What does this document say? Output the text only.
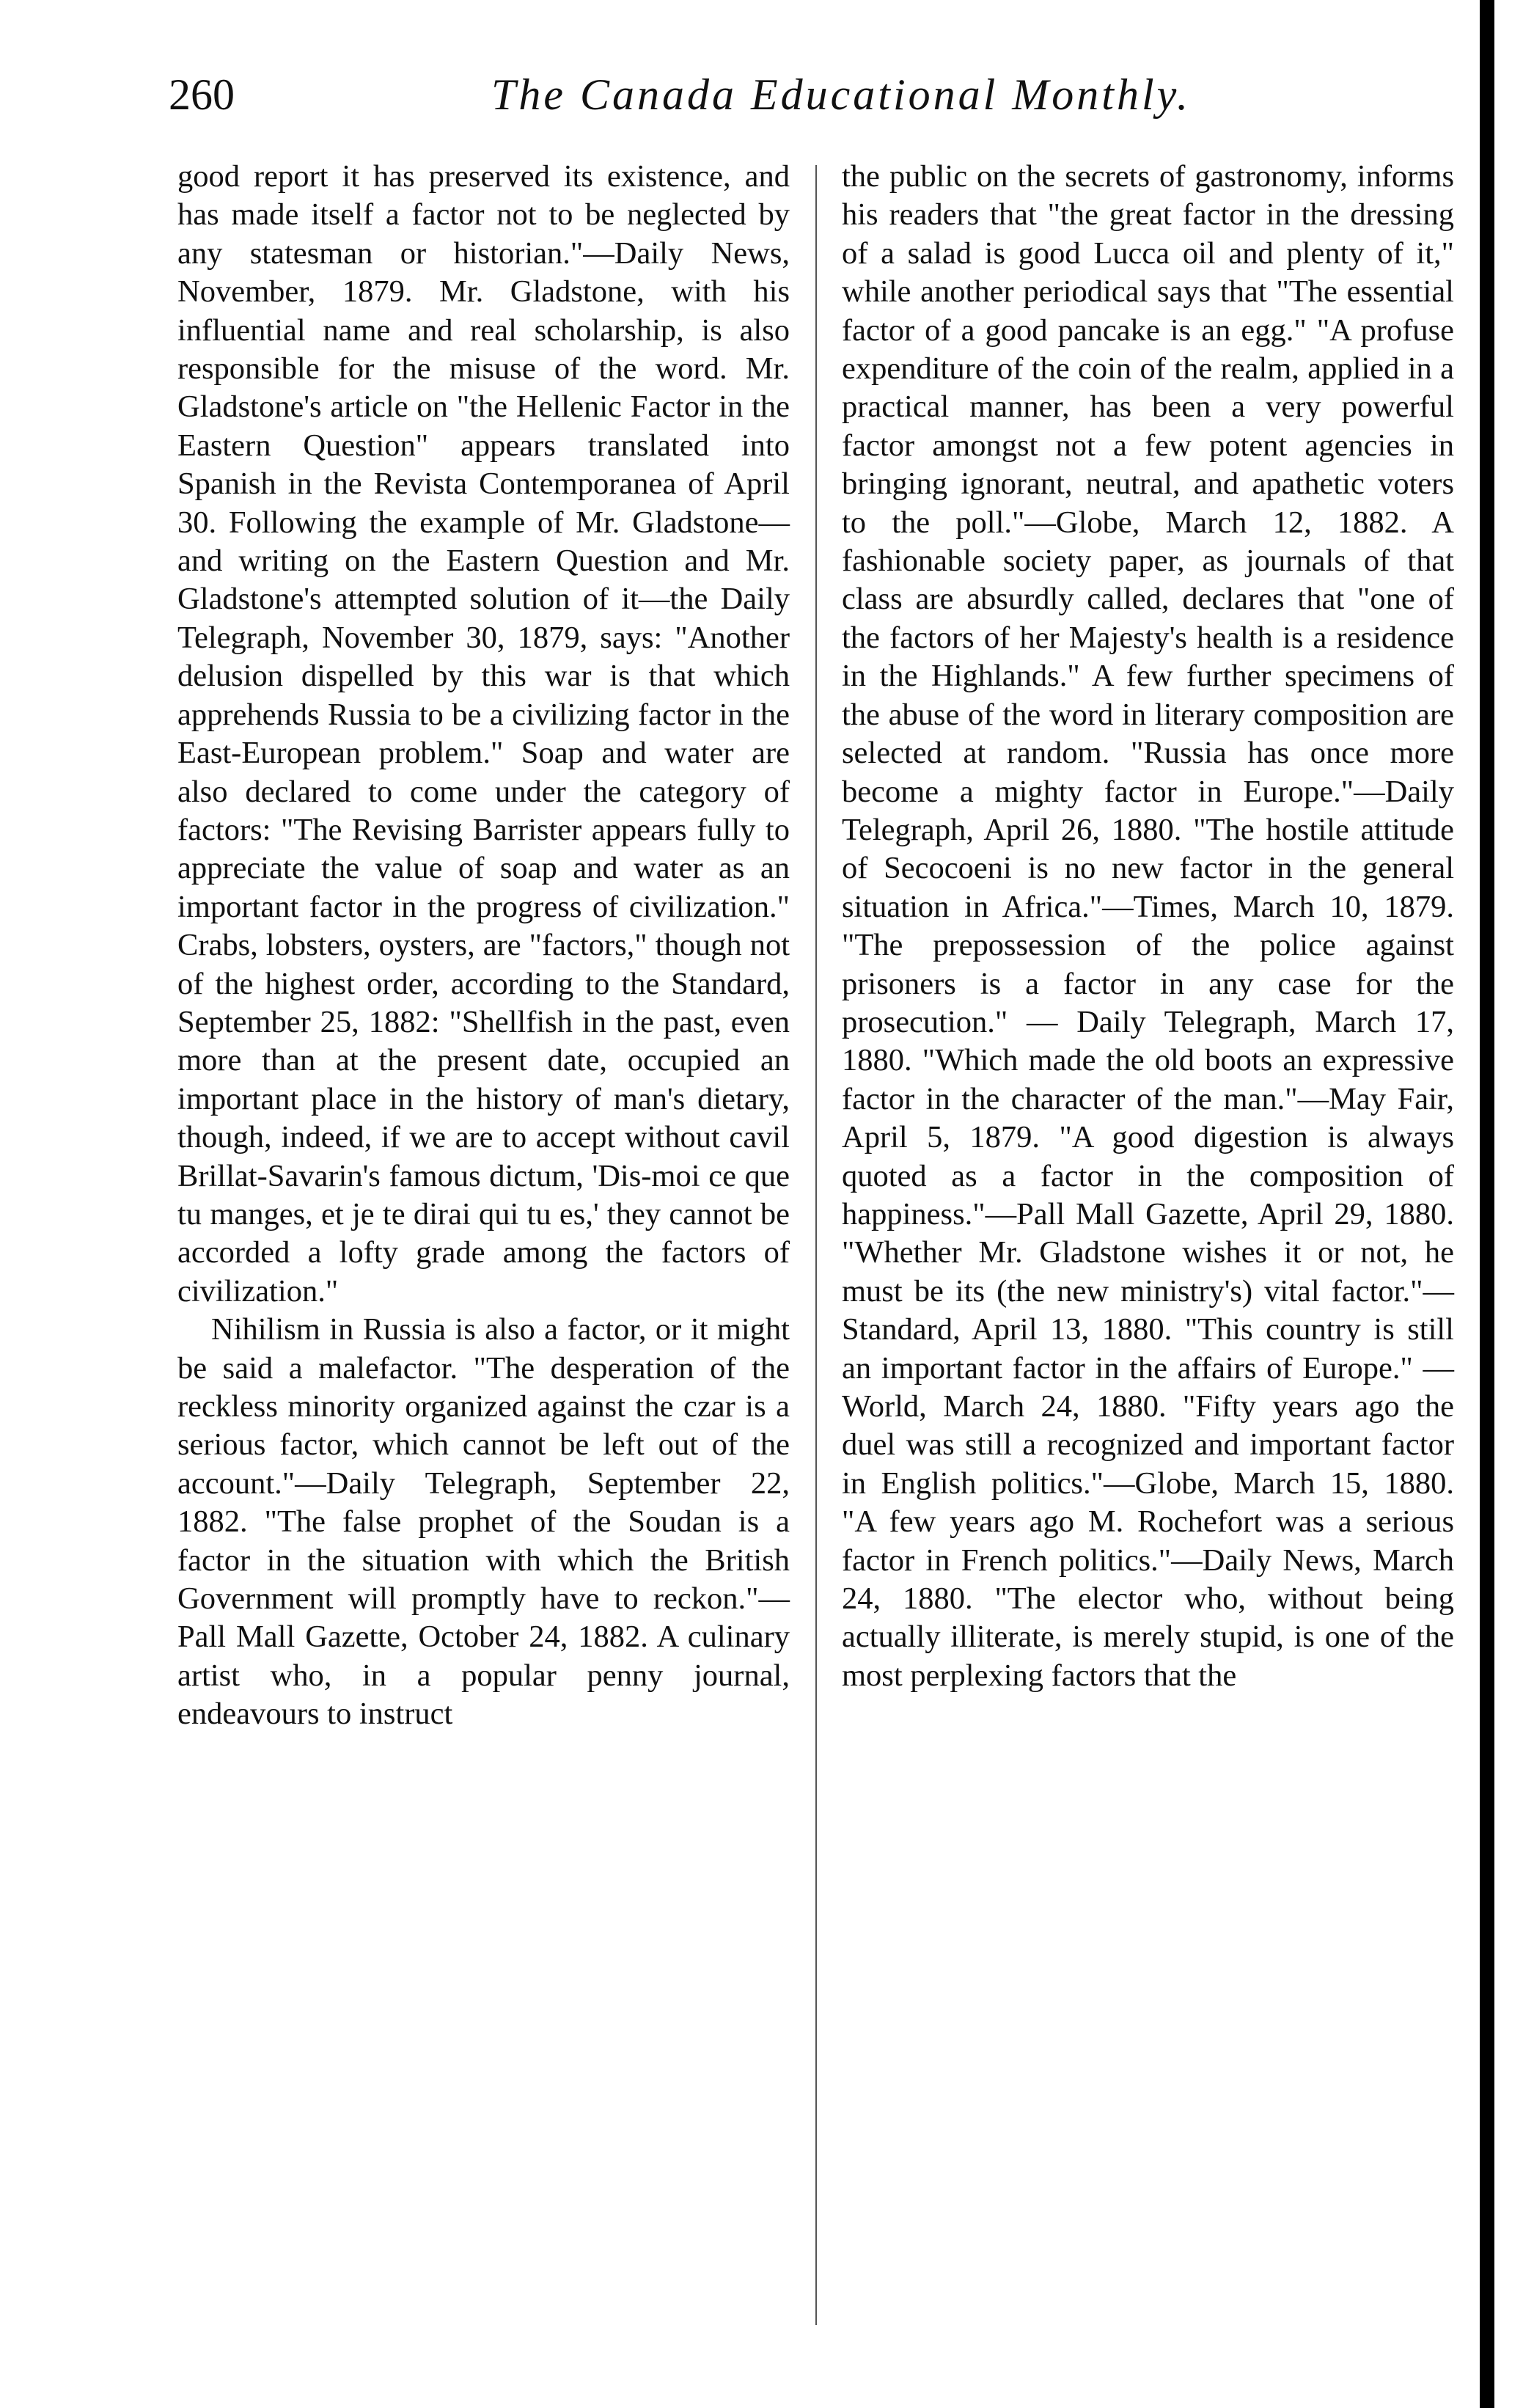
260	The Canada Educational Monthly.

good report it has preserved its existence, and has made itself a factor not to be neglected by any statesman or historian."—Daily News, November, 1879. Mr. Gladstone, with his influential name and real scholarship, is also responsible for the misuse of the word. Mr. Gladstone's article on "the Hellenic Factor in the Eastern Question" appears translated into Spanish in the Revista Contemporanea of April 30. Following the example of Mr. Gladstone—and writing on the Eastern Question and Mr. Gladstone's attempted solution of it—the Daily Telegraph, November 30, 1879, says: "Another delusion dispelled by this war is that which apprehends Russia to be a civilizing factor in the East-European problem." Soap and water are also declared to come under the category of factors: "The Revising Barrister appears fully to appreciate the value of soap and water as an important factor in the progress of civilization." Crabs, lobsters, oysters, are "factors," though not of the highest order, according to the Standard, September 25, 1882: "Shellfish in the past, even more than at the present date, occupied an important place in the history of man's dietary, though, indeed, if we are to accept without cavil Brillat-Savarin's famous dictum, 'Dis-moi ce que tu manges, et je te dirai qui tu es,' they cannot be accorded a lofty grade among the factors of civilization."

Nihilism in Russia is also a factor, or it might be said a malefactor. "The desperation of the reckless minority organized against the czar is a serious factor, which cannot be left out of the account."—Daily Telegraph, September 22, 1882. "The false prophet of the Soudan is a factor in the situation with which the British Government will promptly have to reckon."—Pall Mall Gazette, October 24, 1882. A culinary artist who, in a popular penny journal, endeavours to instruct

the public on the secrets of gastronomy, informs his readers that "the great factor in the dressing of a salad is good Lucca oil and plenty of it," while another periodical says that "The essential factor of a good pancake is an egg." "A profuse expenditure of the coin of the realm, applied in a practical manner, has been a very powerful factor amongst not a few potent agencies in bringing ignorant, neutral, and apathetic voters to the poll."—Globe, March 12, 1882. A fashionable society paper, as journals of that class are absurdly called, declares that "one of the factors of her Majesty's health is a residence in the Highlands." A few further specimens of the abuse of the word in literary composition are selected at random. "Russia has once more become a mighty factor in Europe."—Daily Telegraph, April 26, 1880. "The hostile attitude of Secocoeni is no new factor in the general situation in Africa."—Times, March 10, 1879. "The prepossession of the police against prisoners is a factor in any case for the prosecution." — Daily Telegraph, March 17, 1880. "Which made the old boots an expressive factor in the character of the man."—May Fair, April 5, 1879. "A good digestion is always quoted as a factor in the composition of happiness."—Pall Mall Gazette, April 29, 1880. "Whether Mr. Gladstone wishes it or not, he must be its (the new ministry's) vital factor."—Standard, April 13, 1880. "This country is still an important factor in the affairs of Europe." — World, March 24, 1880. "Fifty years ago the duel was still a recognized and important factor in English politics."—Globe, March 15, 1880. "A few years ago M. Rochefort was a serious factor in French politics."—Daily News, March 24, 1880. "The elector who, without being actually illiterate, is merely stupid, is one of the most perplexing factors that the
